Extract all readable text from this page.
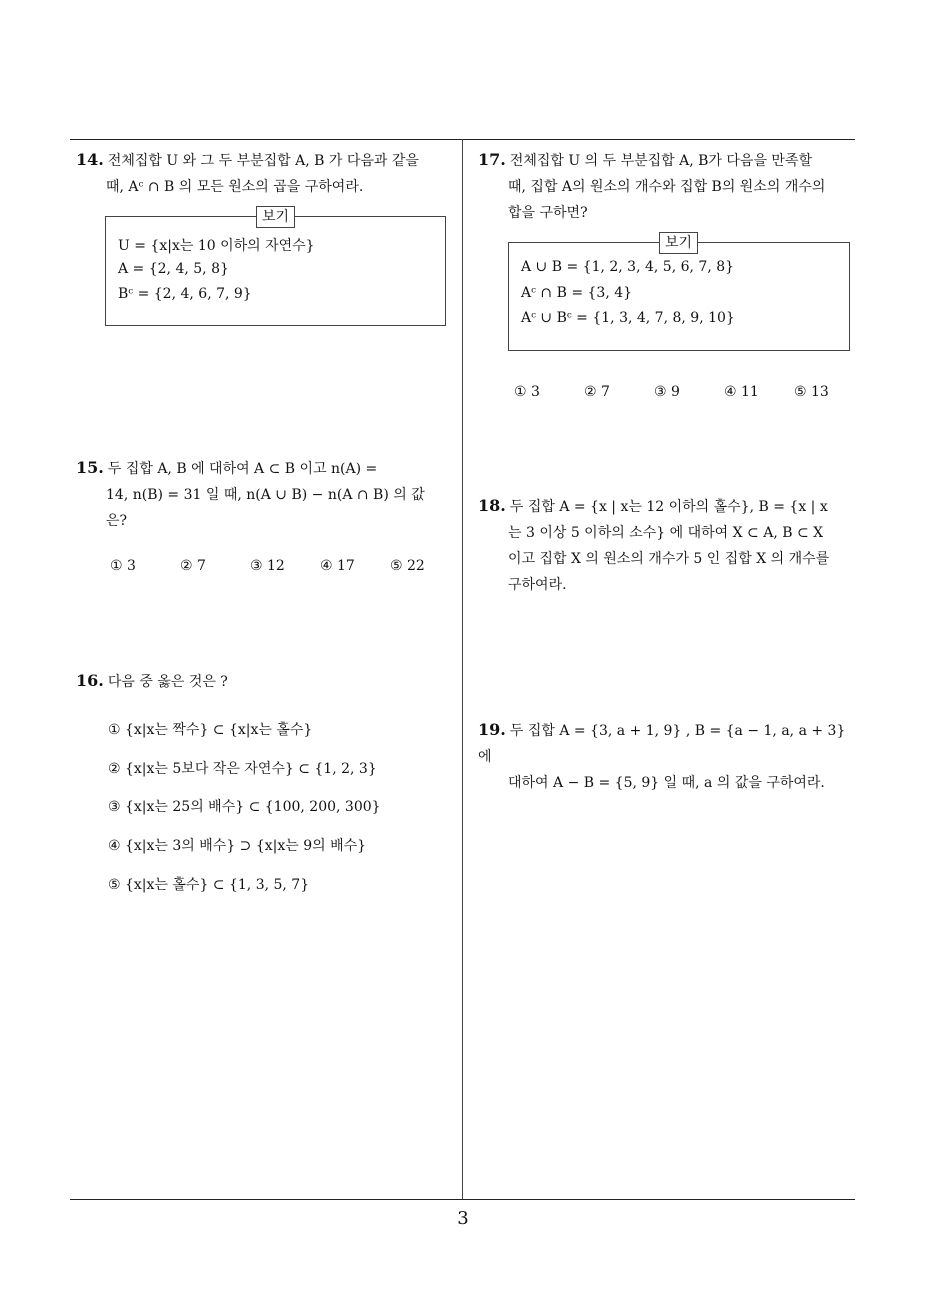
14. 전체집합 U 와 그 두 부분집합 A, B 가 다음과 같을
때, Aᶜ ∩ B 의 모든 원소의 곱을 구하여라.
보기
U = {x|x는 10 이하의 자연수}
A = {2, 4, 5, 8}
Bᶜ = {2, 4, 6, 7, 9}
15. 두 집합 A, B 에 대하여 A ⊂ B 이고 n(A) =
14, n(B) = 31 일 때, n(A ∪ B) − n(A ∩ B) 의 값
은?
① 3	② 7	③ 12	④ 17	⑤ 22
16. 다음 중 옳은 것은 ?
① {x|x는 짝수} ⊂ {x|x는 홀수}
② {x|x는 5보다 작은 자연수} ⊂ {1, 2, 3}
③ {x|x는 25의 배수} ⊂ {100, 200, 300}
④ {x|x는 3의 배수} ⊃ {x|x는 9의 배수}
⑤ {x|x는 홀수} ⊂ {1, 3, 5, 7}
17. 전체집합 U 의 두 부분집합 A, B가 다음을 만족할
때, 집합 A의 원소의 개수와 집합 B의 원소의 개수의
합을 구하면?
보기
A ∪ B = {1, 2, 3, 4, 5, 6, 7, 8}
Aᶜ ∩ B = {3, 4}
Aᶜ ∪ Bᶜ = {1, 3, 4, 7, 8, 9, 10}
① 3	② 7	③ 9	④ 11	⑤ 13
18. 두 집합 A = {x | x는 12 이하의 홀수}, B = {x | x
는 3 이상 5 이하의 소수} 에 대하여 X ⊂ A, B ⊂ X
이고 집합 X 의 원소의 개수가 5 인 집합 X 의 개수를
구하여라.
19. 두 집합 A = {3, a + 1, 9} , B = {a − 1, a, a + 3} 에
대하여 A − B = {5, 9} 일 때, a 의 값을 구하여라.
3
